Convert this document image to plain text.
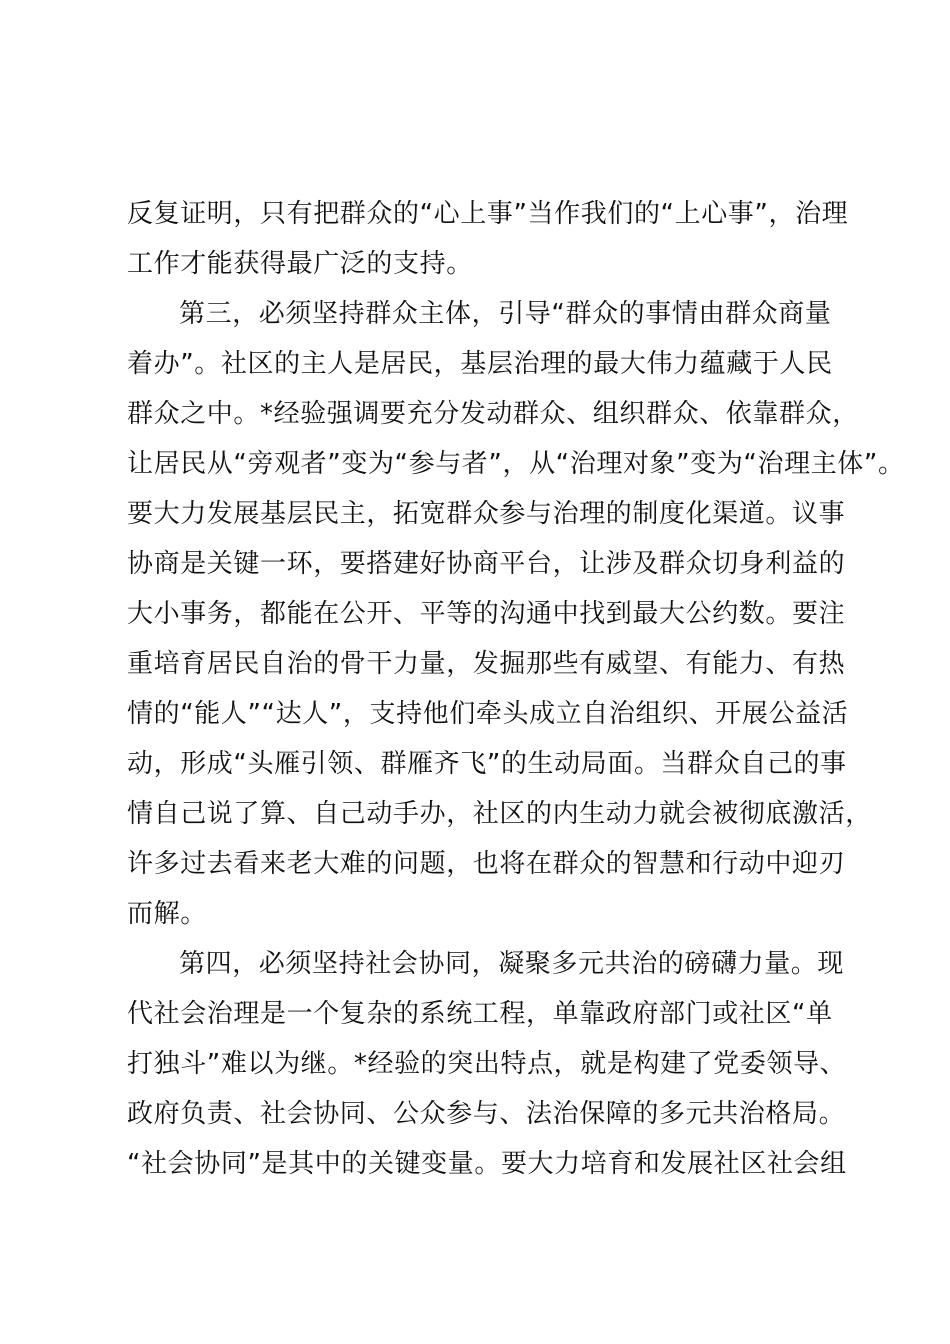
反复证明，只有把群众的“心上事”当作我们的“上心事”，治理
工作才能获得最广泛的支持。
第三，必须坚持群众主体，引导“群众的事情由群众商量
着办”。社区的主人是居民，基层治理的最大伟力蕴藏于人民
群众之中。*经验强调要充分发动群众、组织群众、依靠群众，
让居民从“旁观者”变为“参与者”，从“治理对象”变为“治理主体”。
要大力发展基层民主，拓宽群众参与治理的制度化渠道。议事
协商是关键一环，要搭建好协商平台，让涉及群众切身利益的
大小事务，都能在公开、平等的沟通中找到最大公约数。要注
重培育居民自治的骨干力量，发掘那些有威望、有能力、有热
情的“能人”“达人”，支持他们牵头成立自治组织、开展公益活
动，形成“头雁引领、群雁齐飞”的生动局面。当群众自己的事
情自己说了算、自己动手办，社区的内生动力就会被彻底激活，
许多过去看来老大难的问题，也将在群众的智慧和行动中迎刃
而解。
第四，必须坚持社会协同，凝聚多元共治的磅礴力量。现
代社会治理是一个复杂的系统工程，单靠政府部门或社区“单
打独斗”难以为继。*经验的突出特点，就是构建了党委领导、
政府负责、社会协同、公众参与、法治保障的多元共治格局。
“社会协同”是其中的关键变量。要大力培育和发展社区社会组
